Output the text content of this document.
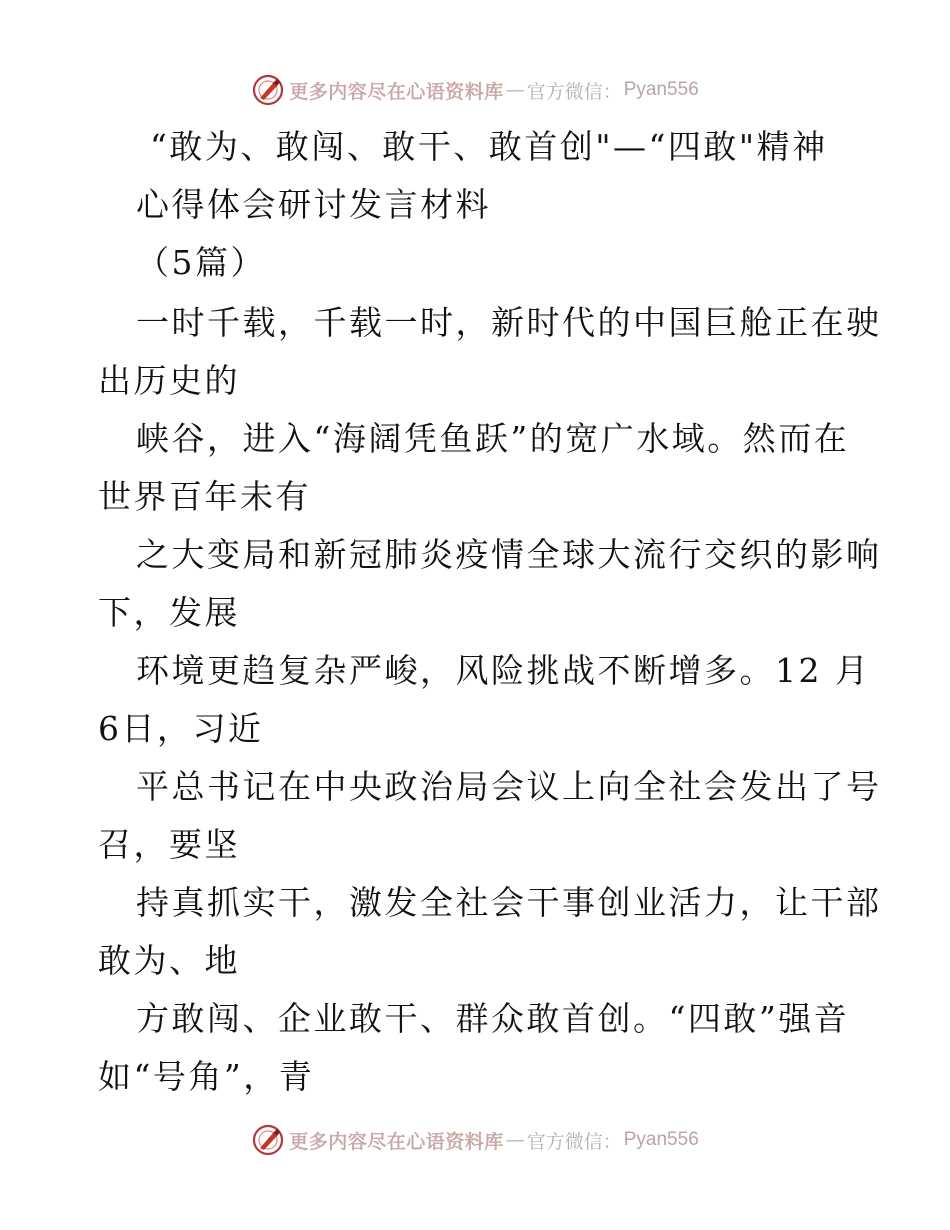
更多内容尽在心语资料库 — 官方微信： Pyan556
“敢为、敢闯、敢干、敢首创"—“四敢"精神
心得体会研讨发言材料
（5篇）
一时千载，千载一时，新时代的中国巨舱正在驶
出历史的
峡谷，进入“海阔凭鱼跃”的宽广水域。然而在
世界百年未有
之大变局和新冠肺炎疫情全球大流行交织的影响
下，发展
环境更趋复杂严峻，风险挑战不断增多。12 月
6日，习近
平总书记在中央政治局会议上向全社会发出了号
召，要坚
持真抓实干，激发全社会干事创业活力，让干部
敢为、地
方敢闯、企业敢干、群众敢首创。“四敢”强音
如“号角”，青
更多内容尽在心语资料库 — 官方微信： Pyan556
